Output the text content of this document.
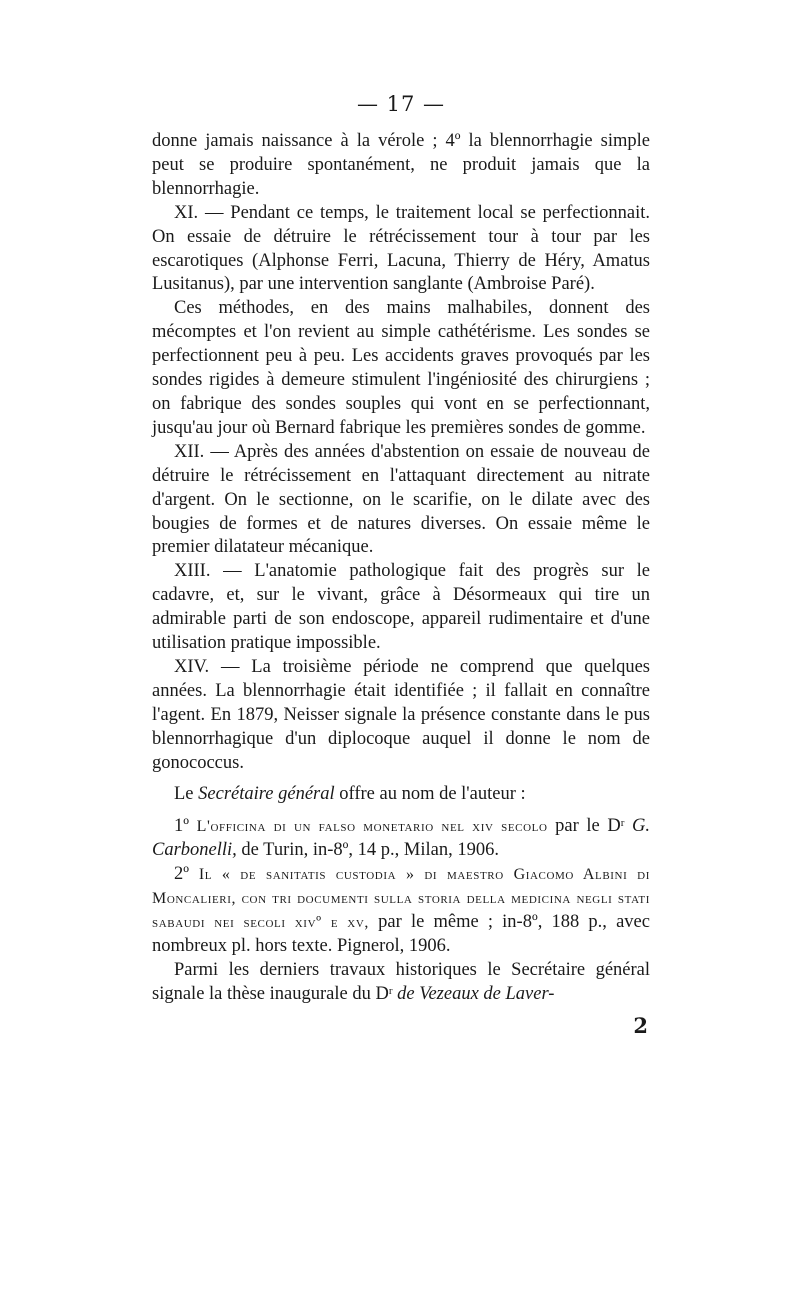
— 17 —

donne jamais naissance à la vérole ; 4º la blennorrhagie simple peut se produire spontanément, ne produit jamais que la blennorrhagie.

XI. — Pendant ce temps, le traitement local se perfectionnait. On essaie de détruire le rétrécissement tour à tour par les escarotiques (Alphonse Ferri, Lacuna, Thierry de Héry, Amatus Lusitanus), par une intervention sanglante (Ambroise Paré).

Ces méthodes, en des mains malhabiles, donnent des mécomptes et l'on revient au simple cathétérisme. Les sondes se perfectionnent peu à peu. Les accidents graves provoqués par les sondes rigides à demeure stimulent l'ingéniosité des chirurgiens ; on fabrique des sondes souples qui vont en se perfectionnant, jusqu'au jour où Bernard fabrique les premières sondes de gomme.

XII. — Après des années d'abstention on essaie de nouveau de détruire le rétrécissement en l'attaquant directement au nitrate d'argent. On le sectionne, on le scarifie, on le dilate avec des bougies de formes et de natures diverses. On essaie même le premier dilatateur mécanique.

XIII. — L'anatomie pathologique fait des progrès sur le cadavre, et, sur le vivant, grâce à Désormeaux qui tire un admirable parti de son endoscope, appareil rudimentaire et d'une utilisation pratique impossible.

XIV. — La troisième période ne comprend que quelques années. La blennorrhagie était identifiée ; il fallait en connaître l'agent. En 1879, Neisser signale la présence constante dans le pus blennorrhagique d'un diplocoque auquel il donne le nom de gonococcus.

Le Secrétaire général offre au nom de l'auteur :

1º L'officina di un falso monetario nel xiv secolo par le $D^r$ G. Carbonelli, de Turin, in-8º, 14 p., Milan, 1906.

2º Il « de sanitatis custodia » di maestro Giacomo Albini di Moncalieri, con tri documenti sulla storia della medicina negli stati sabaudi nei secoli xivº e xv, par le même ; in-8º, 188 p., avec nombreux pl. hors texte. Pignerol, 1906.

Parmi les derniers travaux historiques le Secrétaire général signale la thèse inaugurale du $D^r$ de Vezeaux de Laver-

2
